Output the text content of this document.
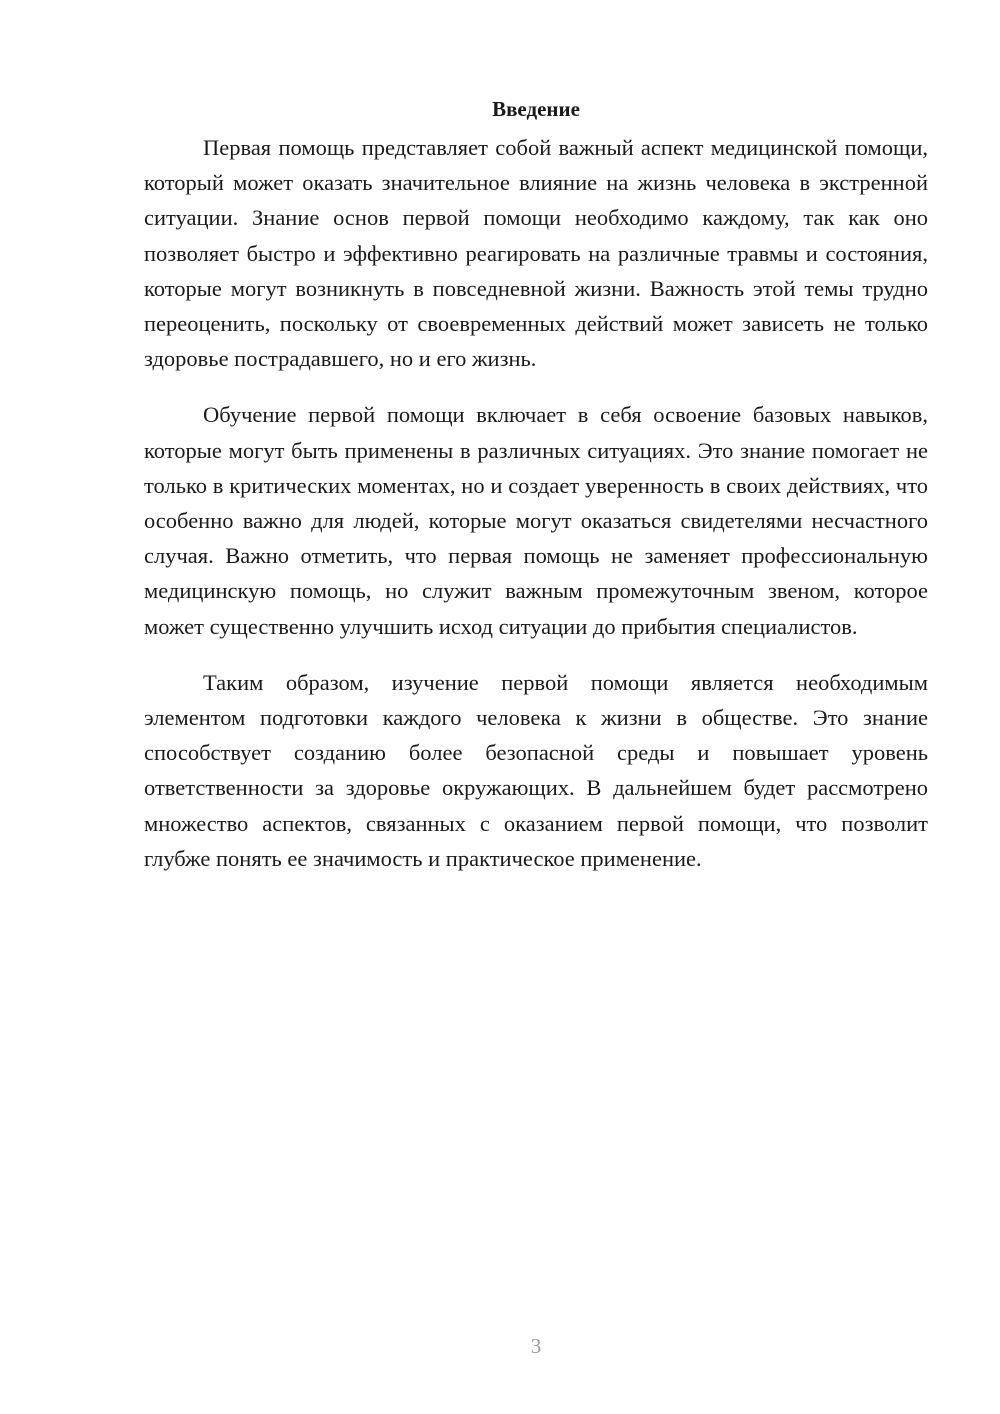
Введение

Первая помощь представляет собой важный аспект медицинской помощи, который может оказать значительное влияние на жизнь человека в экстренной ситуации. Знание основ первой помощи необходимо каждому, так как оно позволяет быстро и эффективно реагировать на различные травмы и состояния, которые могут возникнуть в повседневной жизни. Важность этой темы трудно переоценить, поскольку от своевременных действий может зависеть не только здоровье пострадавшего, но и его жизнь.

Обучение первой помощи включает в себя освоение базовых навыков, которые могут быть применены в различных ситуациях. Это знание помогает не только в критических моментах, но и создает уверенность в своих действиях, что особенно важно для людей, которые могут оказаться свидетелями несчастного случая. Важно отметить, что первая помощь не заменяет профессиональную медицинскую помощь, но служит важным промежуточным звеном, которое может существенно улучшить исход ситуации до прибытия специалистов.

Таким образом, изучение первой помощи является необходимым элементом подготовки каждого человека к жизни в обществе. Это знание способствует созданию более безопасной среды и повышает уровень ответственности за здоровье окружающих. В дальнейшем будет рассмотрено множество аспектов, связанных с оказанием первой помощи, что позволит глубже понять ее значимость и практическое применение.

3
